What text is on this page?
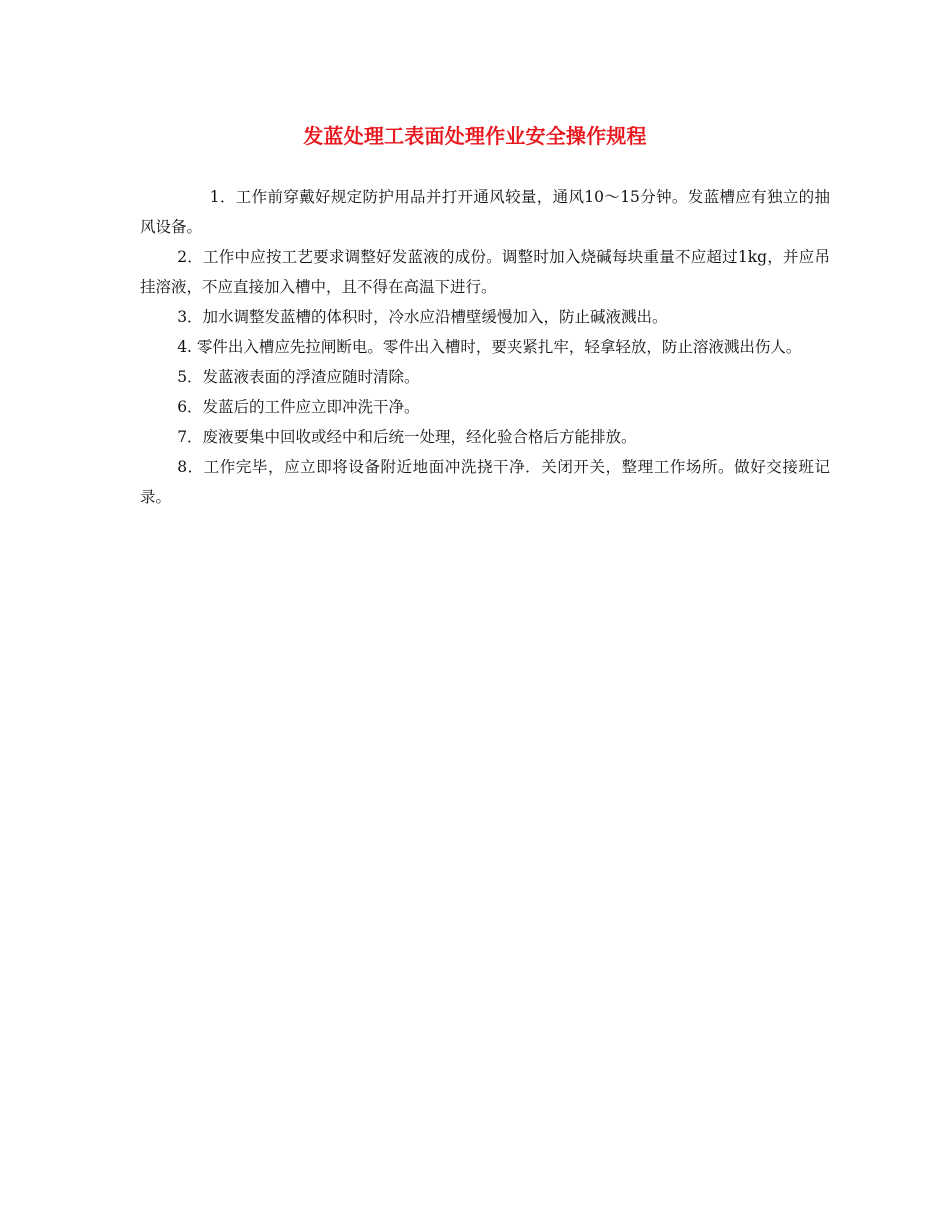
发蓝处理工表面处理作业安全操作规程

1．工作前穿戴好规定防护用品并打开通风较量，通风10～15分钟。发蓝槽应有独立的抽风设备。

2．工作中应按工艺要求调整好发蓝液的成份。调整时加入烧碱每块重量不应超过1kg，并应吊挂溶液，不应直接加入槽中，且不得在高温下进行。

3．加水调整发蓝槽的体积时，冷水应沿槽壁缓慢加入，防止碱液溅出。

4. 零件出入槽应先拉闸断电。零件出入槽时，要夹紧扎牢，轻拿轻放，防止溶液溅出伤人。

5．发蓝液表面的浮渣应随时清除。

6．发蓝后的工件应立即冲洗干净。

7．废液要集中回收或经中和后统一处理，经化验合格后方能排放。

8．工作完毕，应立即将设备附近地面冲洗挠干净．关闭开关，整理工作场所。做好交接班记录。
